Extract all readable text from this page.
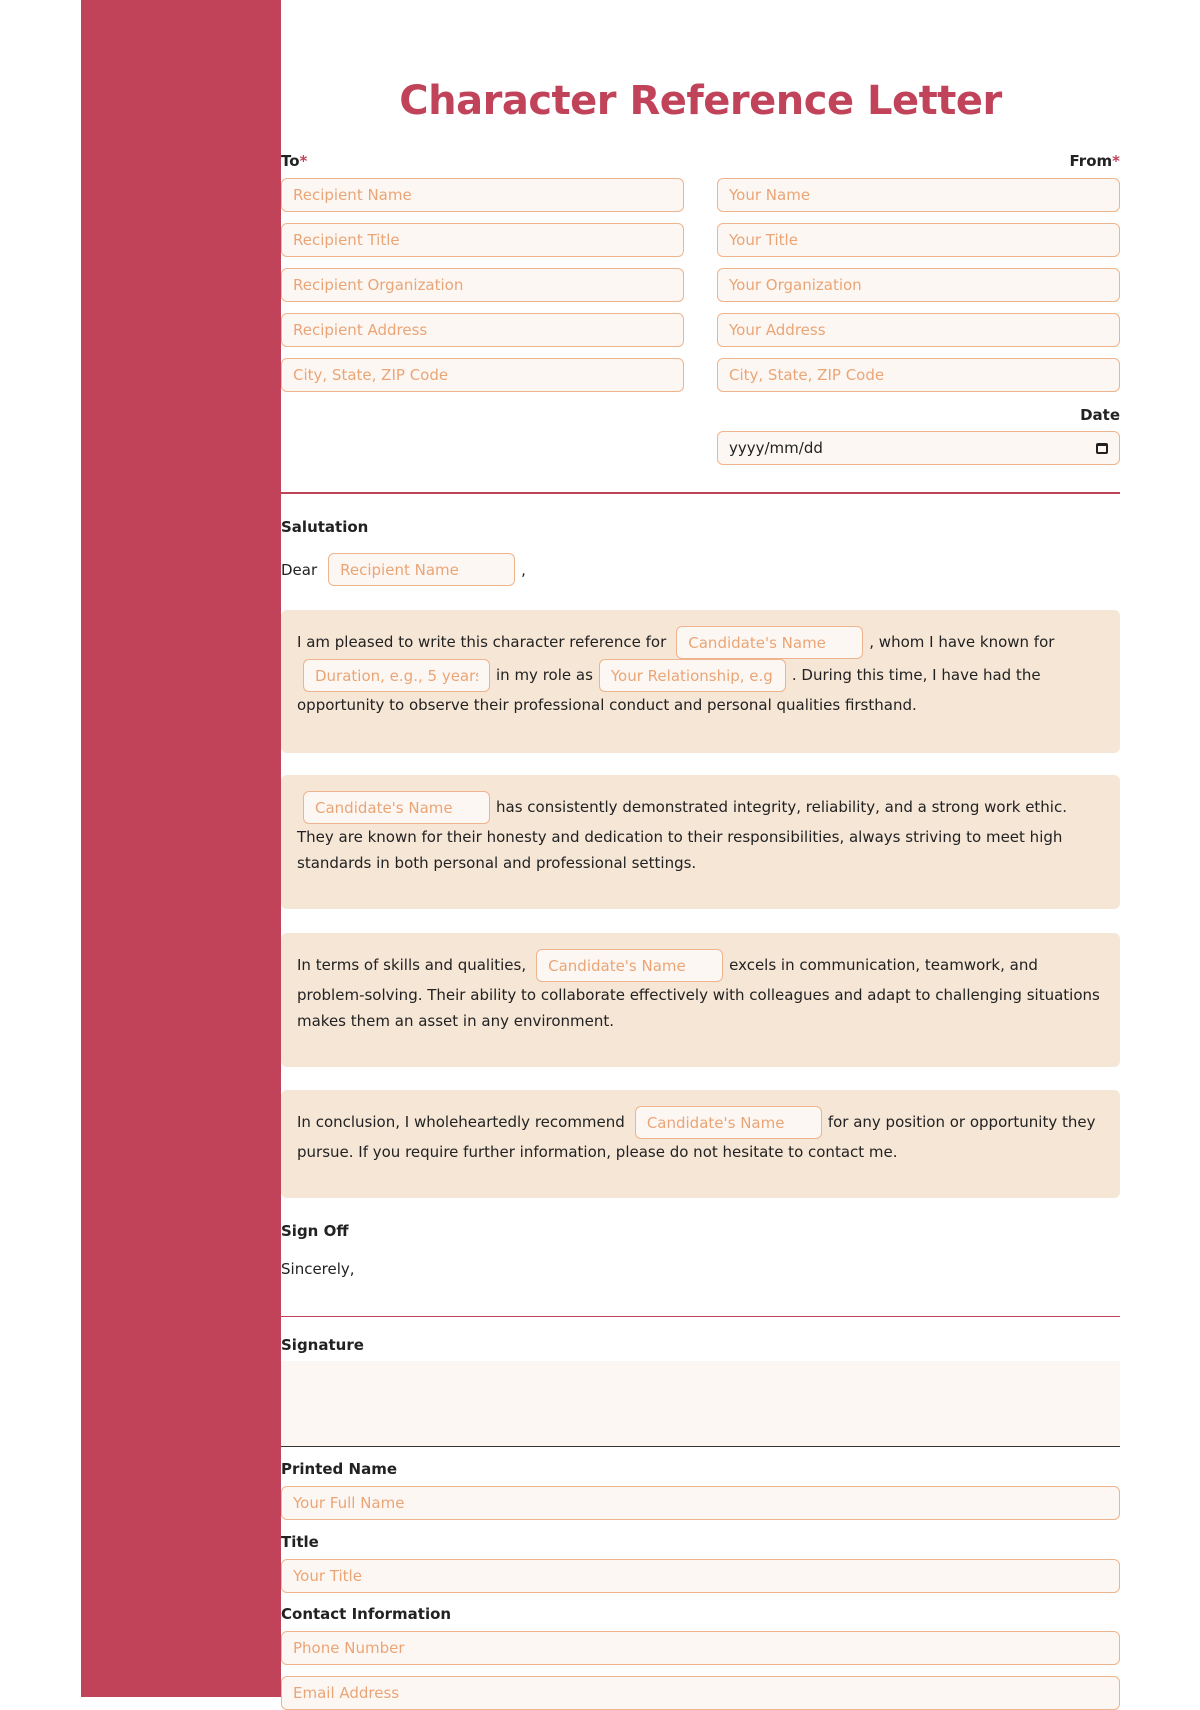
Character Reference Letter
To*	From*
Recipient Name
Recipient Title
Recipient Organization
Recipient Address
City, State, ZIP Code
Your Name
Your Title
Your Organization
Your Address
City, State, ZIP Code
Date
yyyy/mm/dd
Salutation
Dear
Recipient Name	,
I am pleased to write this character reference forCandidate's Name	, whom I have known for
Duration, e.g., 5 yearsin my role asYour Relationship, e.g.,	. During this time, I have had the opportunity to observe their professional conduct and personal qualities firsthand.
Candidate's Namehas consistently demonstrated integrity, reliability, and a strong work ethic. They are known for their honesty and dedication to their responsibilities, always striving to meet high standards in both personal and professional settings.
In terms of skills and qualities,Candidate's Name	excels in communication, teamwork, and problem-solving. Their ability to collaborate effectively with colleagues and adapt to challenging situations makes them an asset in any environment.
In conclusion, I wholeheartedly recommendCandidate's Name	for any position or opportunity they pursue. If you require further information, please do not hesitate to contact me.
Sign Off
Sincerely,
Signature
Printed Name
Your Full Name
Title
Your Title
Contact Information
Phone Number
Email Address
